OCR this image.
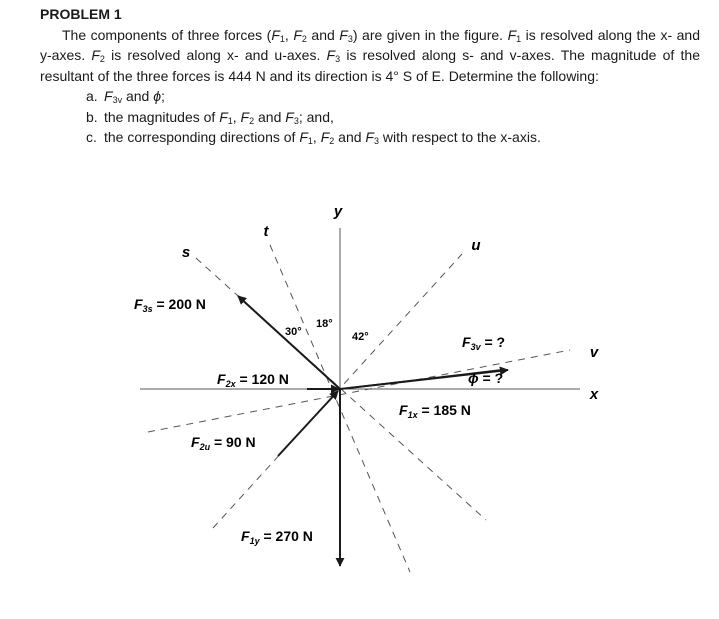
PROBLEM 1
The components of three forces ($F_1$, $F_2$ and $F_3$) are given in the figure. $F_1$ is resolved along the x- and y-axes. $F_2$ is resolved along x- and u-axes. $F_3$ is resolved along s- and v-axes. The magnitude of the resultant of the three forces is 444 N and its direction is 4° S of E. Determine the following:
a. $F_{3v}$ and ϕ;
b. the magnitudes of $F_1$, $F_2$ and $F_3$; and,
c. the corresponding directions of $F_1$, $F_2$ and $F_3$ with respect to the x-axis.
y
t
s	u
v
x
$F_{3s} = 200$ N
$F_{2x} = 120$ N
$F_{2u} = 90$ N
$F_{1y} = 270$ N
$F_{1x} = 185$ N
$F_{3v}$ = ?
ϕ = ?
30°
18°
42°
